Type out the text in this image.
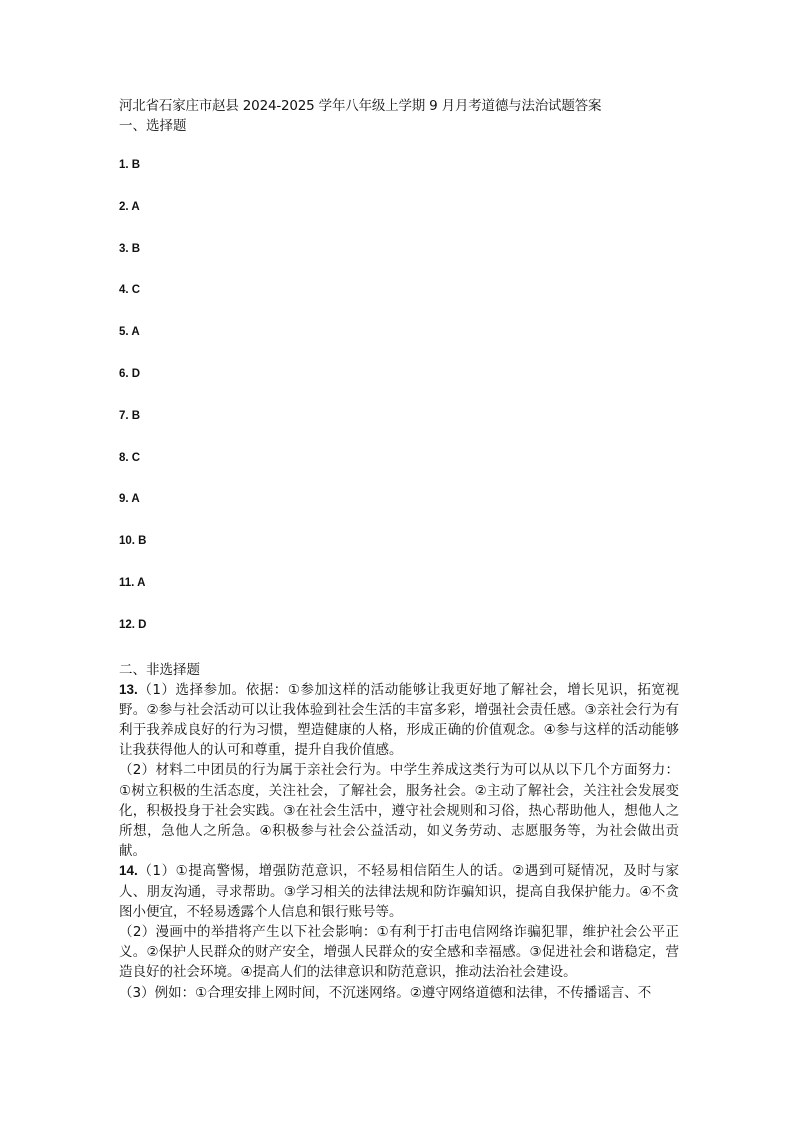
河北省石家庄市赵县 2024-2025 学年八年级上学期 9 月月考道德与法治试题答案

一、选择题

1. B
2. A
3. B
4. C
5. A
6. D
7. B
8. C
9. A
10. B
11. A
12. D

二、非选择题

13.（1）选择参加。依据：①参加这样的活动能够让我更好地了解社会，增长见识，拓宽视野。②参与社会活动可以让我体验到社会生活的丰富多彩，增强社会责任感。③亲社会行为有利于我养成良好的行为习惯，塑造健康的人格，形成正确的价值观念。④参与这样的活动能够让我获得他人的认可和尊重，提升自我价值感。

（2）材料二中团员的行为属于亲社会行为。中学生养成这类行为可以从以下几个方面努力：①树立积极的生活态度，关注社会，了解社会，服务社会。②主动了解社会，关注社会发展变化，积极投身于社会实践。③在社会生活中，遵守社会规则和习俗，热心帮助他人，想他人之所想，急他人之所急。④积极参与社会公益活动，如义务劳动、志愿服务等，为社会做出贡献。

14.（1）①提高警惕，增强防范意识，不轻易相信陌生人的话。②遇到可疑情况，及时与家人、朋友沟通，寻求帮助。③学习相关的法律法规和防诈骗知识，提高自我保护能力。④不贪图小便宜，不轻易透露个人信息和银行账号等。

（2）漫画中的举措将产生以下社会影响：①有利于打击电信网络诈骗犯罪，维护社会公平正义。②保护人民群众的财产安全，增强人民群众的安全感和幸福感。③促进社会和谐稳定，营造良好的社会环境。④提高人们的法律意识和防范意识，推动法治社会建设。

（3）例如：①合理安排上网时间，不沉迷网络。②遵守网络道德和法律，不传播谣言、不
